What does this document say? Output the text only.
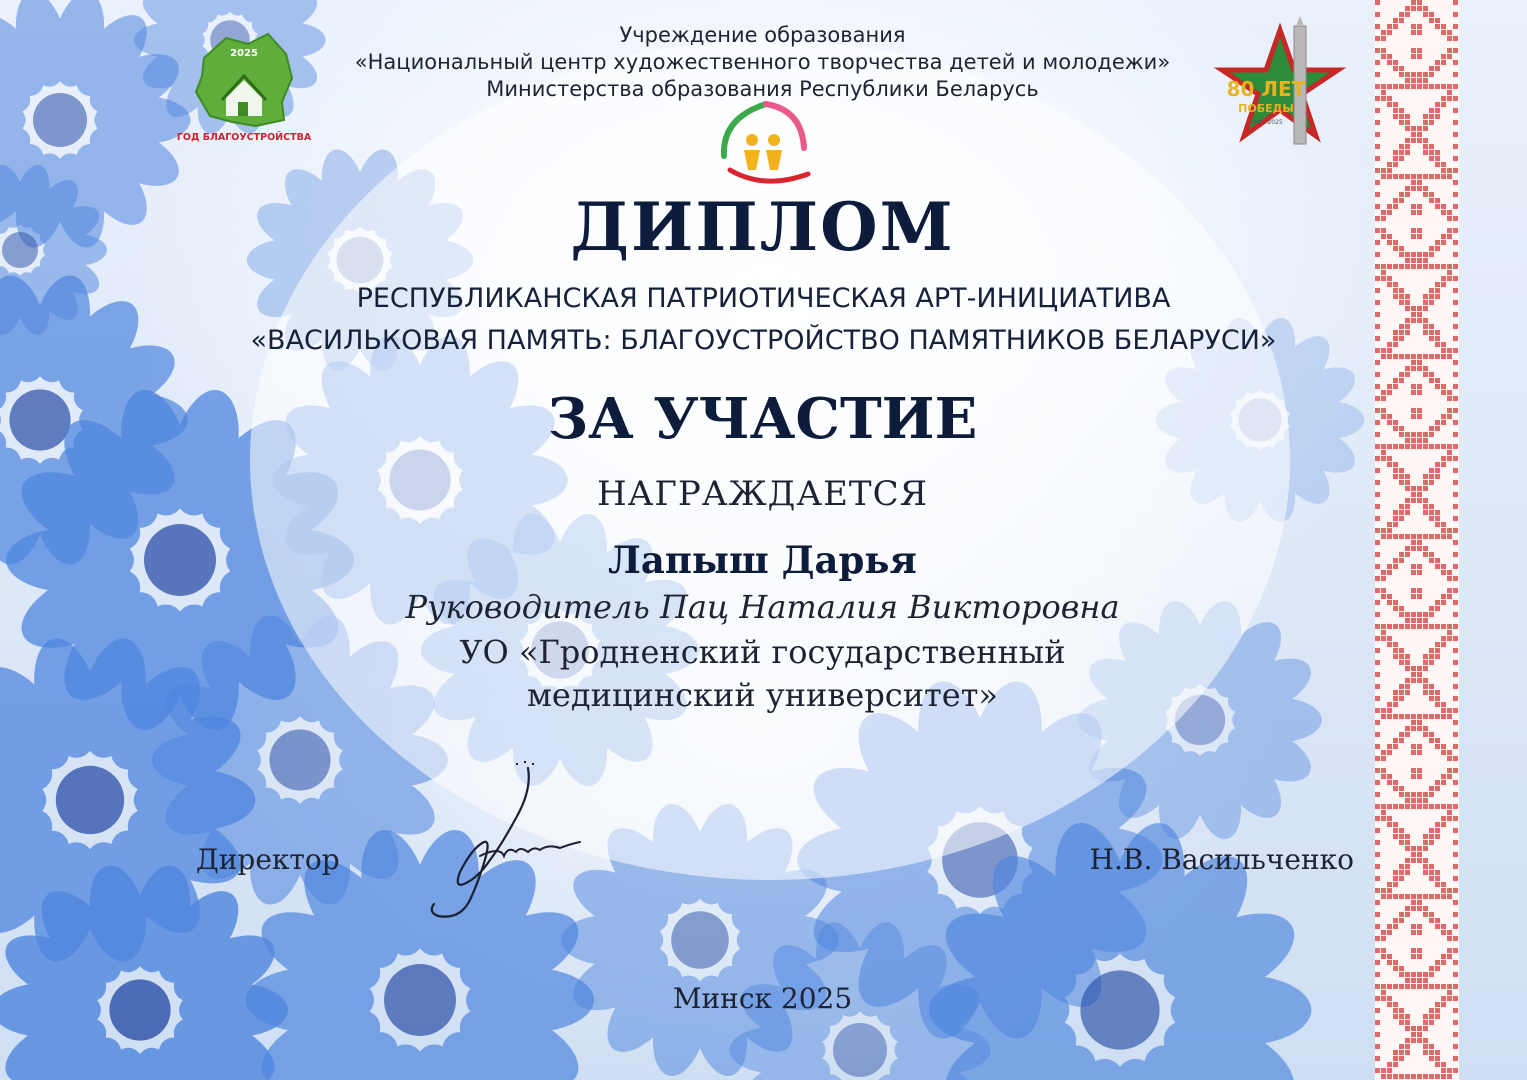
2025
ГОД БЛАГОУСТРОЙСТВА
80 ЛЕТ
ПОБЕДЫ
1945–2025
Учреждение образования
«Национальный центр художественного творчества детей и молодежи»
Министерства образования Республики Беларусь
ДИПЛОМ
РЕСПУБЛИКАНСКАЯ ПАТРИОТИЧЕСКАЯ АРТ-ИНИЦИАТИВА
«ВАСИЛЬКОВАЯ ПАМЯТЬ: БЛАГОУСТРОЙСТВО ПАМЯТНИКОВ БЕЛАРУСИ»
ЗА УЧАСТИЕ
НАГРАЖДАЕТСЯ
Лапыш Дарья
Руководитель Пац Наталия Викторовна
УО «Гродненский государственный
медицинский университет»
Директор	Н.В. Васильченко
Минск 2025
